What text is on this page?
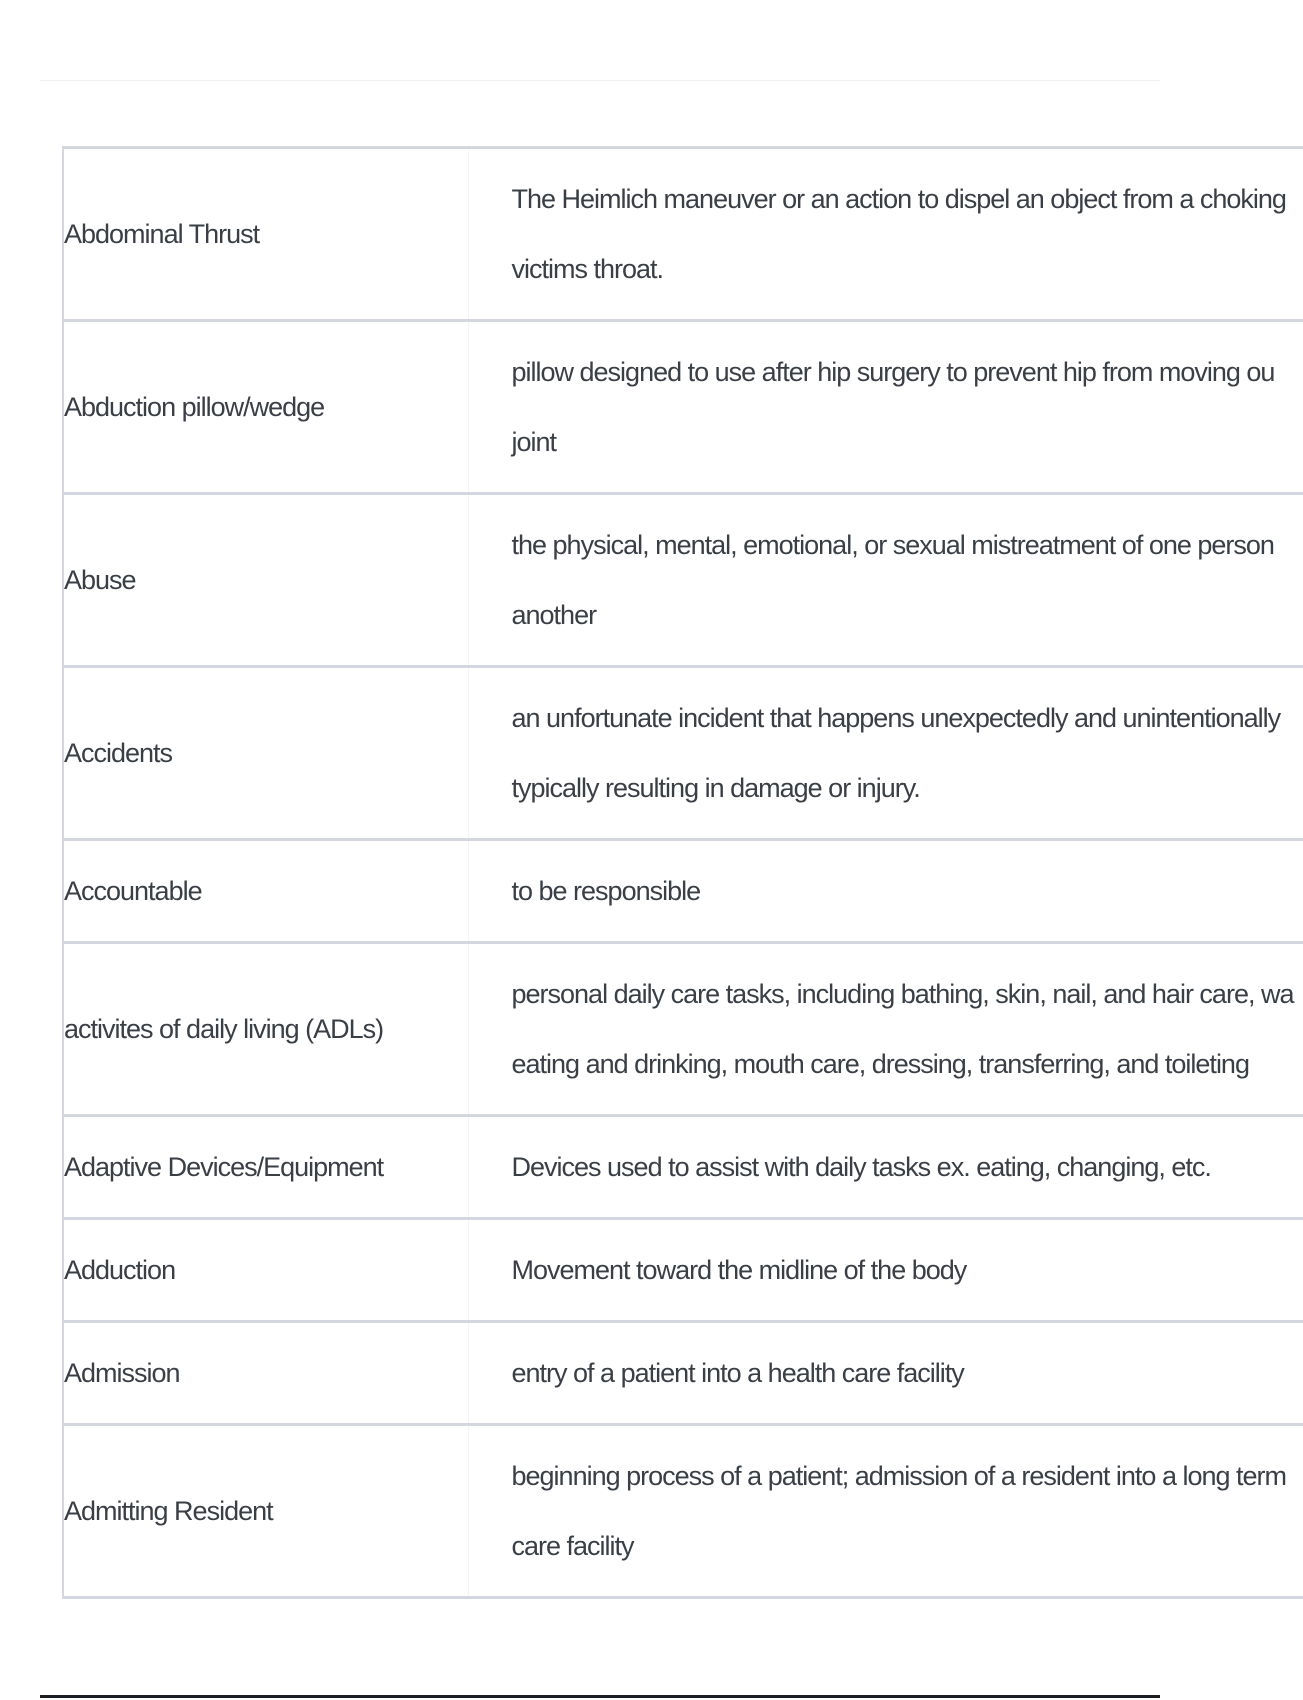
Abdominal Thrust	The Heimlich maneuver or an action to dispel an object from a choking
victims throat.

Abduction pillow/wedge	pillow designed to use after hip surgery to prevent hip from moving ou
joint

Abuse	the physical, mental, emotional, or sexual mistreatment of one person
another

Accidents	an unfortunate incident that happens unexpectedly and unintentionally
typically resulting in damage or injury.

Accountable	to be responsible

activites of daily living (ADLs)	personal daily care tasks, including bathing, skin, nail, and hair care, wa
eating and drinking, mouth care, dressing, transferring, and toileting

Adaptive Devices/Equipment	Devices used to assist with daily tasks ex. eating, changing, etc.

Adduction	Movement toward the midline of the body

Admission	entry of a patient into a health care facility

Admitting Resident	beginning process of a patient; admission of a resident into a long term
care facility
